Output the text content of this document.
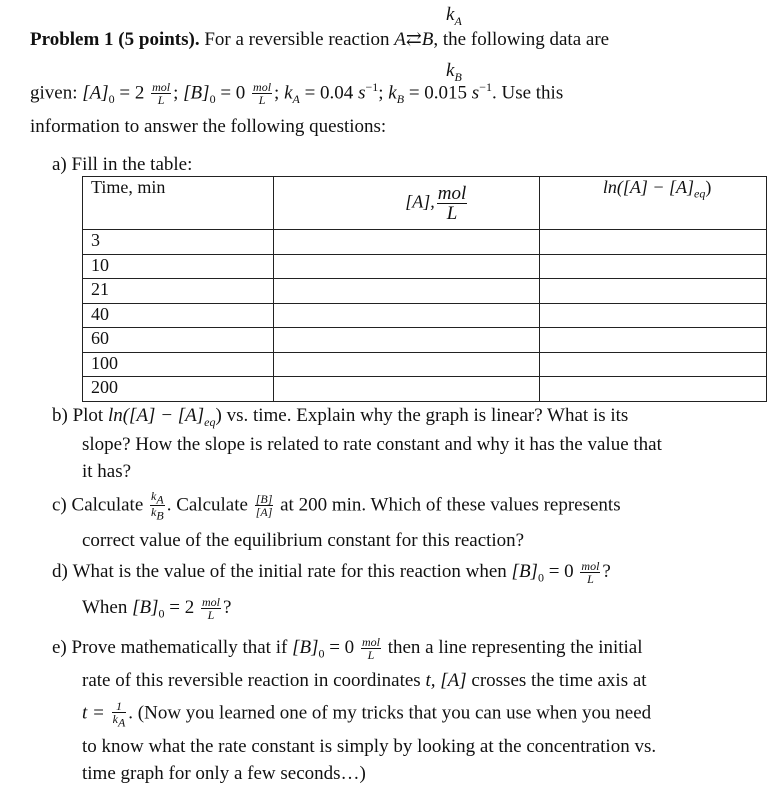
$k_A$
$k_B$
Problem 1 (5 points). For a reversible reaction A⇄B, the following data are
given: $[A]_0 = 2 \frac{\text{mol}}{L}$ ; $[B]_0 = 0 \frac{\text{mol}}{L}$ ; $k_A = 0.04$ $s^{-1}$; $k_B = 0.015$ $s^{-1}$. Use this
information to answer the following questions:
a) Fill in the table:
Time, min	[A], $\frac{\text{mol}}{L}$	$\ln([A] - [A]_{eq})$
3		
10		
21		
40		
60		
100		
200		
b) Plot $\ln([A] - [A]_{eq})$ vs. time. Explain why the graph is linear? What is its
slope? How the slope is related to rate constant and why it has the value that
it has?
c) Calculate $\frac{k_A}{k_B}$ . Calculate $\frac{[B]}{[A]}$ at 200 min. Which of these values represents
correct value of the equilibrium constant for this reaction?
d) What is the value of the initial rate for this reaction when $[B]_0 = 0 \frac{\text{mol}}{L}$ ?
When $[B]_0 = 2 \frac{\text{mol}}{L}$ ?
e) Prove mathematically that if $[B]_0 = 0 \frac{\text{mol}}{L}$ then a line representing the initial
rate of this reversible reaction in coordinates t, [A] crosses the time axis at
$t = \frac{1}{k_A}$ . (Now you learned one of my tricks that you can use when you need
to know what the rate constant is simply by looking at the concentration vs.
time graph for only a few seconds…)
